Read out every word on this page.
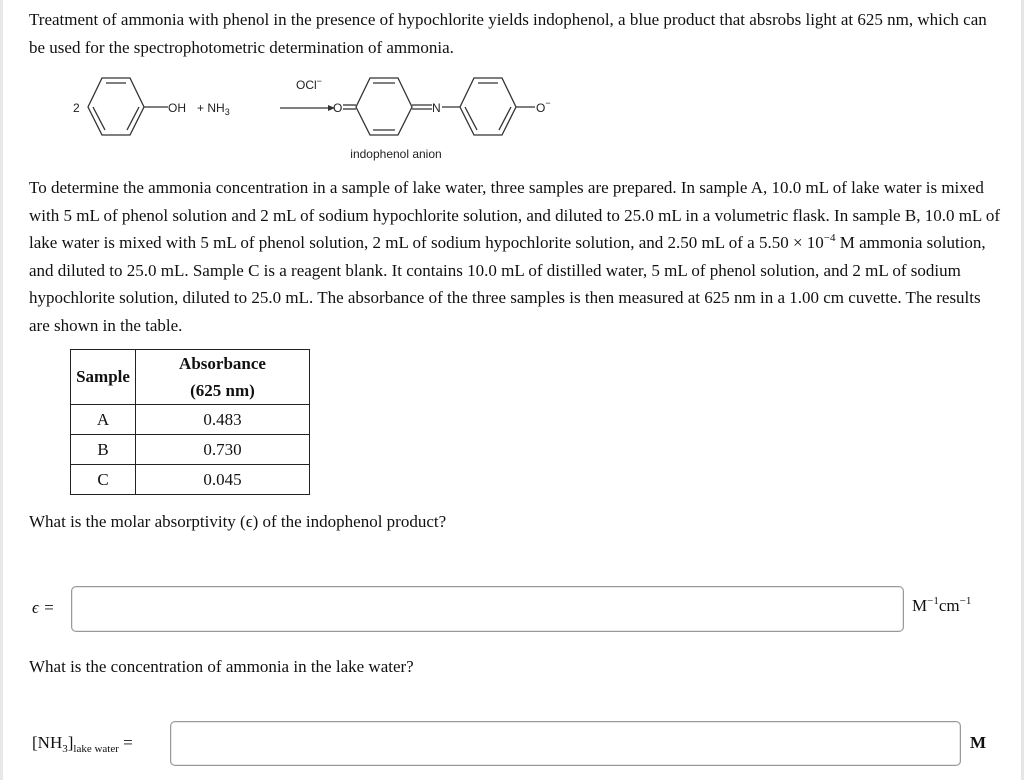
Treatment of ammonia with phenol in the presence of hypochlorite yields indophenol, a blue product that absrobs light at 625 nm, which can be used for the spectrophotometric determination of ammonia.

2	OH + $NH_3$
OCl−
O	N	O−
indophenol anion

To determine the ammonia concentration in a sample of lake water, three samples are prepared. In sample A, 10.0 mL of lake water is mixed with 5 mL of phenol solution and 2 mL of sodium hypochlorite solution, and diluted to 25.0 mL in a volumetric flask. In sample B, 10.0 mL of lake water is mixed with 5 mL of phenol solution, 2 mL of sodium hypochlorite solution, and 2.50 mL of a $5.50 \times 10^{-4}$ M ammonia solution, and diluted to 25.0 mL. Sample C is a reagent blank. It contains 10.0 mL of distilled water, 5 mL of phenol solution, and 2 mL of sodium hypochlorite solution, diluted to 25.0 mL. The absorbance of the three samples is then measured at 625 nm in a 1.00 cm cuvette. The results are shown in the table.

Sample	Absorbance
(625 nm)

A	0.483
B	0.730
C	0.045
What is the molar absorptivity (ϵ) of the indophenol product?
ϵ =	$M^{-1}cm^{-1}$
What is the concentration of ammonia in the lake water?
$[NH_3]_{lake water}$ =	M
